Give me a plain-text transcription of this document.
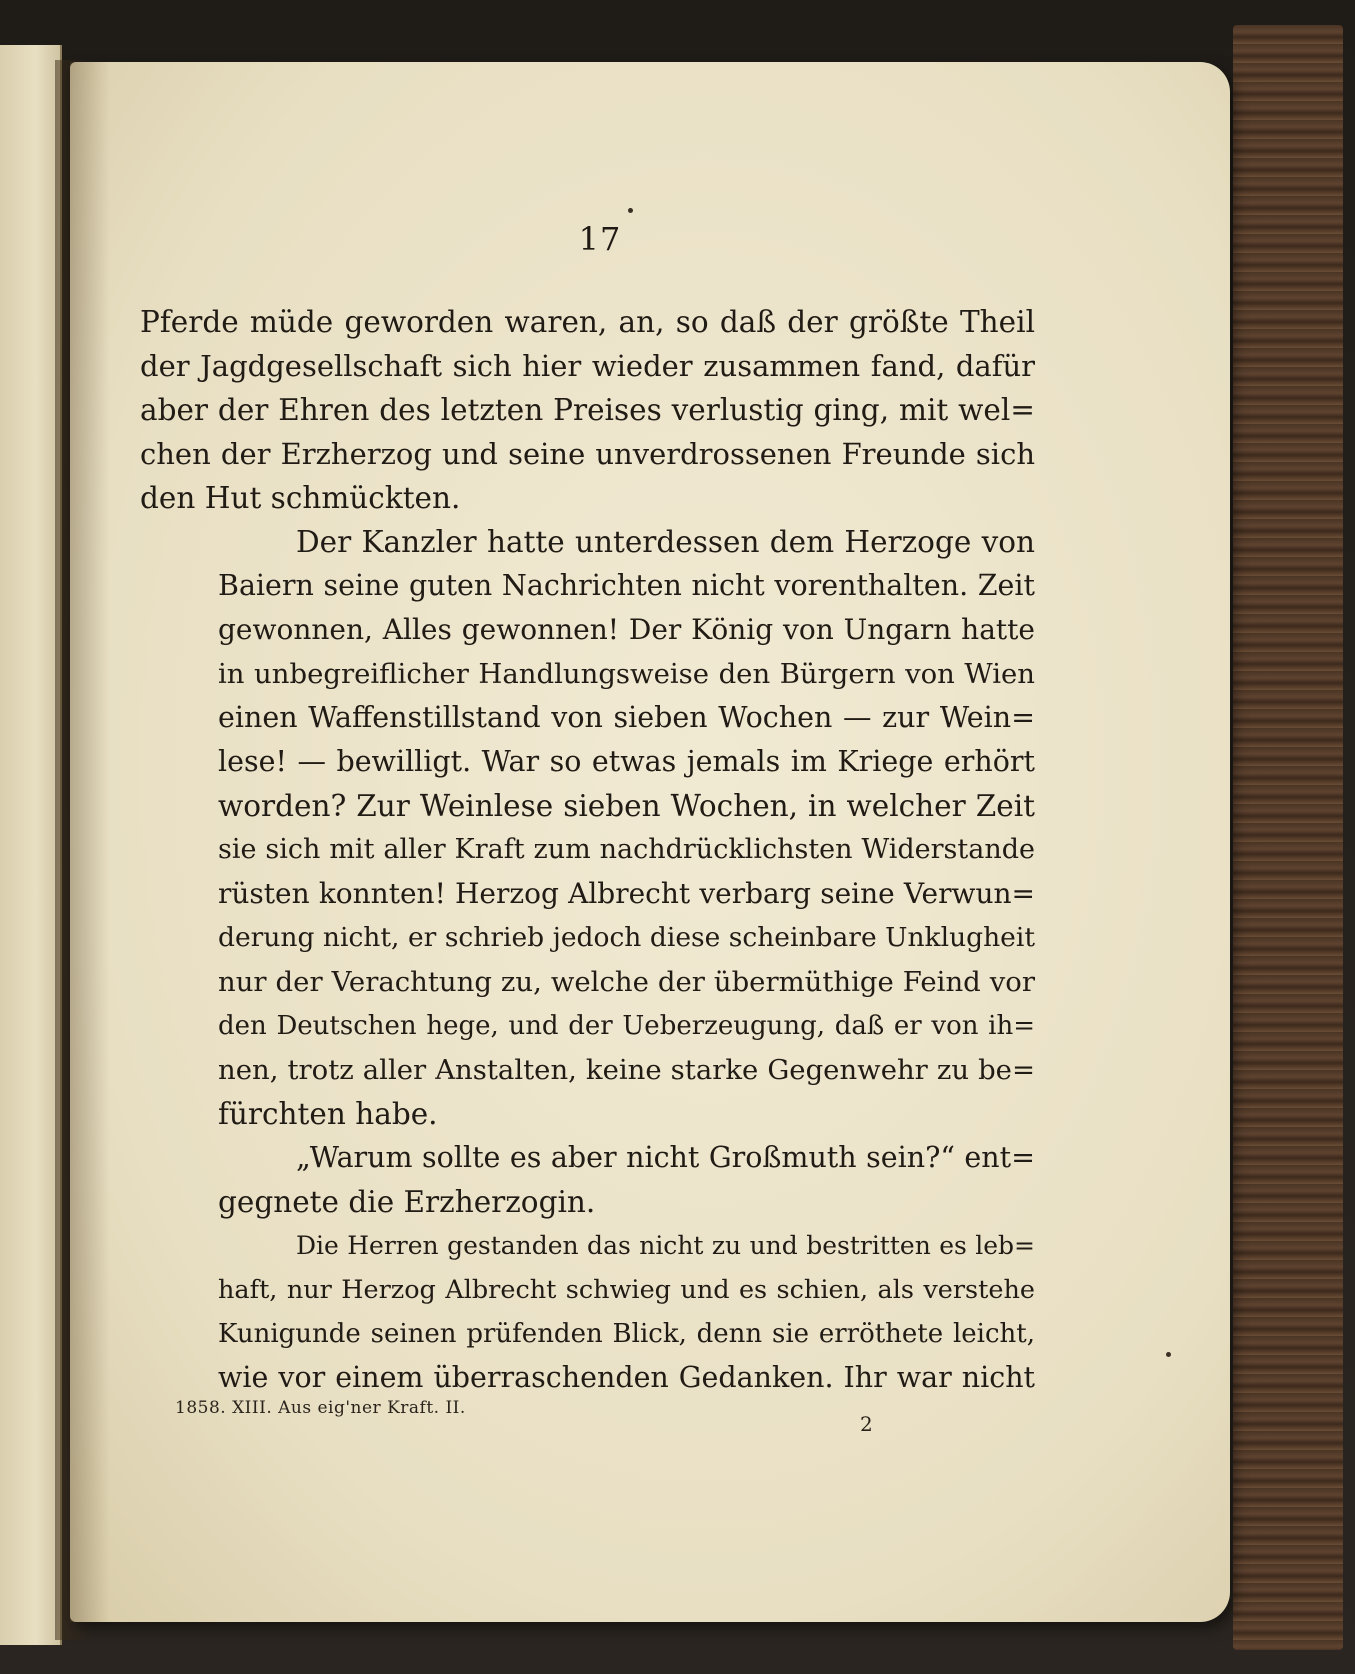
17

Pferde müde geworden waren, an, so daß der größte Theil
der Jagdgesellschaft sich hier wieder zusammen fand, dafür
aber der Ehren des letzten Preises verlustig ging, mit wel=
chen der Erzherzog und seine unverdrossenen Freunde sich
den Hut schmückten.

Der Kanzler hatte unterdessen dem Herzoge von
Baiern seine guten Nachrichten nicht vorenthalten. Zeit
gewonnen, Alles gewonnen! Der König von Ungarn hatte
in unbegreiflicher Handlungsweise den Bürgern von Wien
einen Waffenstillstand von sieben Wochen — zur Wein=
lese! — bewilligt. War so etwas jemals im Kriege erhört
worden? Zur Weinlese sieben Wochen, in welcher Zeit
sie sich mit aller Kraft zum nachdrücklichsten Widerstande
rüsten konnten! Herzog Albrecht verbarg seine Verwun=
derung nicht, er schrieb jedoch diese scheinbare Unklugheit
nur der Verachtung zu, welche der übermüthige Feind vor
den Deutschen hege, und der Ueberzeugung, daß er von ih=
nen, trotz aller Anstalten, keine starke Gegenwehr zu be=
fürchten habe.

„Warum sollte es aber nicht Großmuth sein?“ ent=
gegnete die Erzherzogin.

Die Herren gestanden das nicht zu und bestritten es leb=
haft, nur Herzog Albrecht schwieg und es schien, als verstehe
Kunigunde seinen prüfenden Blick, denn sie erröthete leicht,
wie vor einem überraschenden Gedanken. Ihr war nicht

1858. XIII. Aus eig'ner Kraft. II.
2
